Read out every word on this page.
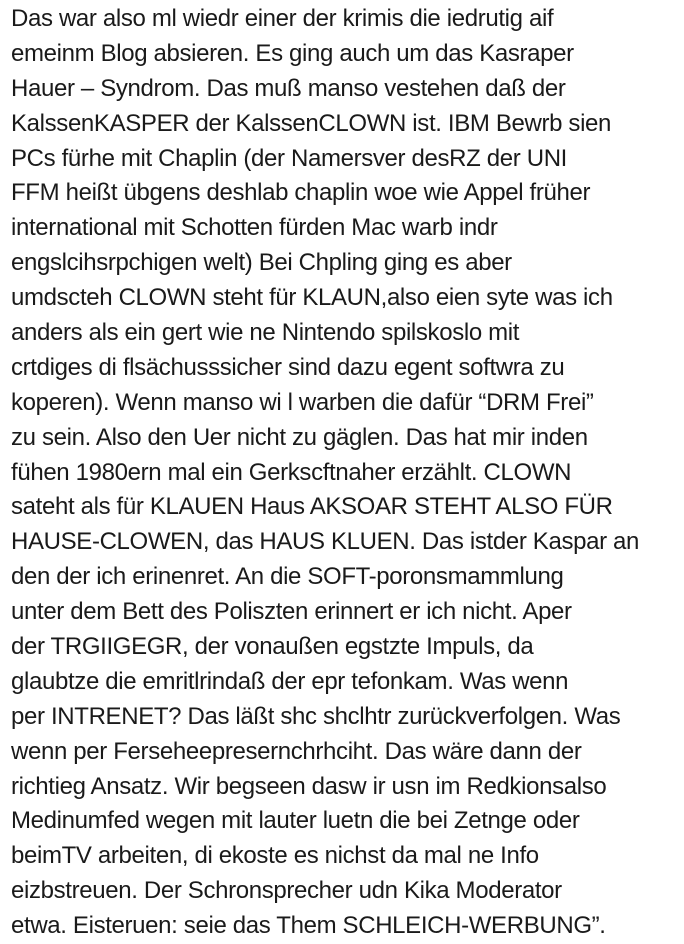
Das war also ml wiedr einer der krimis die iedrutig aif
emeinm Blog absieren. Es ging auch um das Kasraper
Hauer – Syndrom. Das muß manso vestehen daß der
KalssenKASPER der KalssenCLOWN ist. IBM Bewrb sien
PCs fürhe mit Chaplin (der Namersver desRZ der UNI
FFM heißt übgens deshlab chaplin woe wie Appel früher
international mit Schotten fürden Mac warb indr
engslcihsrpchigen welt) Bei Chpling ging es aber
umdscteh CLOWN steht für KLAUN,also eien syte was ich
anders als ein gert wie ne Nintendo spilskoslo mit
crtdiges di flsächusssicher sind dazu egent softwra zu
koperen). Wenn manso wi l warben die dafür “DRM Frei”
zu sein. Also den Uer nicht zu gäglen. Das hat mir inden
fühen 1980ern mal ein Gerkscftnaher erzählt. CLOWN
sateht als für KLAUEN Haus AKSOAR STEHT ALSO FÜR
HAUSE-CLOWEN, das HAUS KLUEN. Das istder Kaspar an
den der ich erinenret. An die SOFT-poronsmammlung
unter dem Bett des Poliszten erinnert er ich nicht. Aper
der TRGIIGEGR, der vonaußen egstzte Impuls, da
glaubtze die emritlrindaß der epr tefonkam. Was wenn
per INTRENET? Das läßt shc shclhtr zurückverfolgen. Was
wenn per Ferseheepresernchrhciht. Das wäre dann der
richtieg Ansatz. Wir begseen dasw ir usn im Redkionsalso
Medinumfed wegen mit lauter luetn die bei Zetnge oder
beimTV arbeiten, di ekoste es nichst da mal ne Info
eizbstreuen. Der Schronsprecher udn Kika Moderator
etwa. Eisteruen: seie das Them SCHLEICH-WERBUNG”.
